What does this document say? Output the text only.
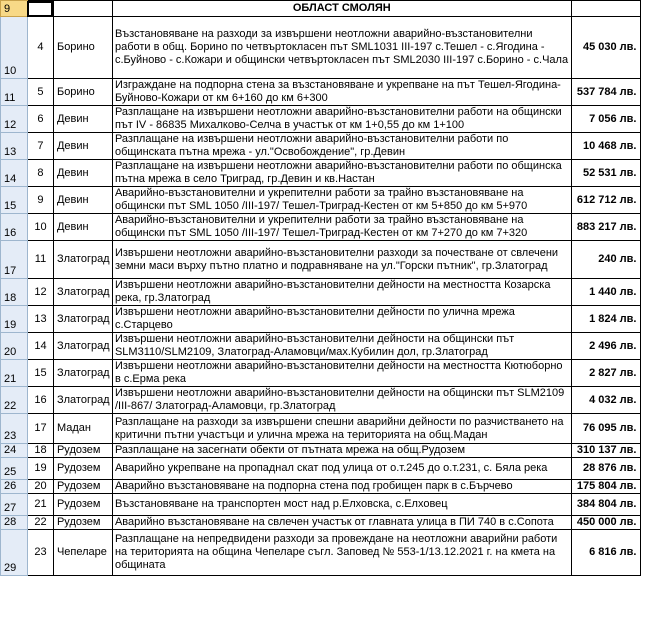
9			ОБЛАСТ СМОЛЯН		
10	4	Борино	Възстановяване на разходи за извършени неотложни аварийно-възстановителни работи в общ. Борино по четвъртокласен път SML1031 III-197 с.Тешел - с.Ягодина - с.Буйново - с.Кожари и общински четвъртокласен път SML2030 III-197 с.Борино - с.Чала	45 030 лв.	
11	5	Борино	Изграждане на подпорна стена за възстановяване и укрепване на път Тешел-Ягодина-Буйново-Кожари от км 6+160 до км 6+300	537 784 лв.	
12	6	Девин	Разплащане на извършени неотложни аварийно-възстановителни работи на общински път IV - 86835 Михалково-Селча в участък от км 1+0,55 до км 1+100	7 056 лв.	
13	7	Девин	Разплащане на извършени неотложни аварийно-възстановителни работи по общинската пътна мрежа - ул."Освобождение", гр.Девин	10 468 лв.	
14	8	Девин	Разплащане на извършени неотложни аварийно-възстановителни работи по общинска пътна мрежа в село Триград, гр.Девин и кв.Настан	52 531 лв.	
15	9	Девин	Аварийно-възстановителни и укрепителни работи за трайно възстановяване на общински път SML 1050 /III-197/ Тешел-Триград-Кестен от км 5+850 до км 5+970	612 712 лв.	
16	10	Девин	Аварийно-възстановителни и укрепителни работи за трайно възстановяване на общински път SML 1050 /III-197/ Тешел-Триград-Кестен от км 7+270 до км 7+320	883 217 лв.	
17	11	Златоград	Извършени неотложни аварийно-възстановителни разходи за почестване от свлечени земни маси върху пътно платно и подравняване на ул."Горски пътник", гр.Златоград	240 лв.	
18	12	Златоград	Извършени неотложни аварийно-възстановителни дейности на местността Козарска река, гр.Златоград	1 440 лв.	
19	13	Златоград	Извършени неотложни аварийно-възстановителни дейности по улична мрежа с.Старцево	1 824 лв.	
20	14	Златоград	Извършени неотложни аварийно-възстановителни дейности на общински път SLM3110/SLM2109, Златоград-Аламовци/мах.Кубилин дол, гр.Златоград	2 496 лв.	
21	15	Златоград	Извършени неотложни аварийно-възстановителни дейности на местността Кютюборно в с.Ерма река	2 827 лв.	
22	16	Златоград	Извършени неотложни аварийно-възстановителни дейности на общински път SLM2109 /III-867/ Златоград-Аламовци, гр.Златоград	4 032 лв.	
23	17	Мадан	Разплащане на разходи за извършени спешни аварийни дейности по разчистването на критични пътни участъци и улична мрежа на територията на общ.Мадан	76 095 лв.	
24	18	Рудозем	Разплащане на засегнати обекти от пътната мрежа на общ.Рудозем	310 137 лв.	
25	19	Рудозем	Аварийно укрепване на пропаднал скат под улица от о.т.245 до о.т.231, с. Бяла река	28 876 лв.	
26	20	Рудозем	Аварийно възстановяване на подпорна стена под гробищен парк в с.Бърчево	175 804 лв.	
27	21	Рудозем	Възстановяване на транспортен мост над р.Елховска, с.Елховец	384 804 лв.	
28	22	Рудозем	Аварийно възстановяване на свлечен участък от главната улица в ПИ 740 в с.Сопота	450 000 лв.	
29	23	Чепеларе	Разплащане на непредвидени разходи за провеждане на неотложни аварийни работи на територията на община Чепеларе съгл. Заповед № 553-1/13.12.2021 г. на кмета на общината	6 816 лв.	
